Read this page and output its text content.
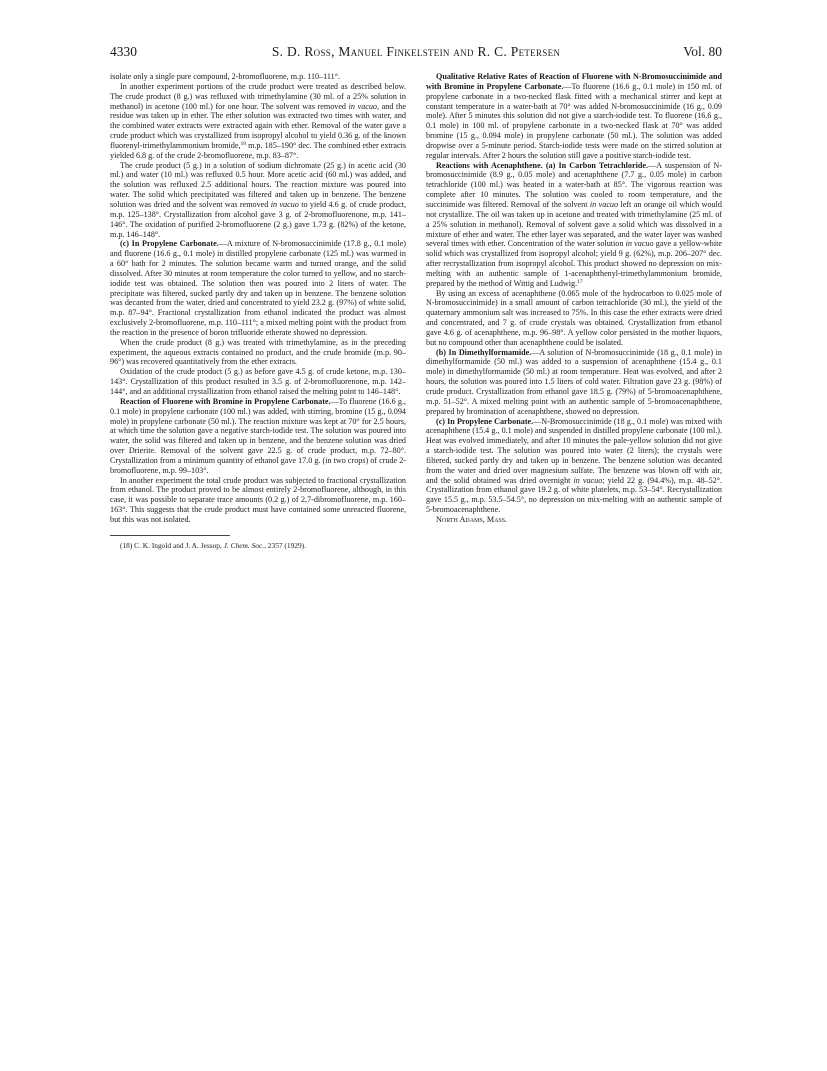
4330	S. D. Ross, Manuel Finkelstein and R. C. Petersen	Vol. 80

isolate only a single pure compound, 2-bromofluorene, m.p. 110–111°.

In another experiment portions of the crude product were treated as described below. The crude product (8 g.) was refluxed with trimethylamine (30 ml. of a 25% solution in methanol) in acetone (100 ml.) for one hour. The solvent was removed in vacuo, and the residue was taken up in ether. The ether solution was extracted two times with water, and the combined water extracts were extracted again with ether. Removal of the water gave a crude product which was crystallized from isopropyl alcohol to yield 0.36 g. of the known fluorenyl-trimethylammonium bromide,$^{18}$ m.p. 185–190° dec. The combined ether extracts yielded 6.8 g. of the crude 2-bromofluorene, m.p. 83–87°.

The crude product (5 g.) in a solution of sodium dichromate (25 g.) in acetic acid (30 ml.) and water (10 ml.) was refluxed 0.5 hour. More acetic acid (60 ml.) was added, and the solution was refluxed 2.5 additional hours. The reaction mixture was poured into water. The solid which precipitated was filtered and taken up in benzene. The benzene solution was dried and the solvent was removed in vacuo to yield 4.6 g. of crude product, m.p. 125–138°. Crystallization from alcohol gave 3 g. of 2-bromofluorenone, m.p. 141–146°. The oxidation of purified 2-bromofluorene (2 g.) gave 1.73 g. (82%) of the ketone, m.p. 146–148°.

(c) In Propylene Carbonate.—A mixture of N-bromosuccinimide (17.8 g., 0.1 mole) and fluorene (16.6 g., 0.1 mole) in distilled propylene carbonate (125 ml.) was warmed in a 60° bath for 2 minutes. The solution became warm and turned orange, and the solid dissolved. After 30 minutes at room temperature the color turned to yellow, and no starch-iodide test was obtained. The solution then was poured into 2 liters of water. The precipitate was filtered, sucked partly dry and taken up in benzene. The benzene solution was decanted from the water, dried and concentrated to yield 23.2 g. (97%) of white solid, m.p. 87–94°. Fractional crystallization from ethanol indicated the product was almost exclusively 2-bromofluorene, m.p. 110–111°; a mixed melting point with the product from the reaction in the presence of boron trifluoride etherate showed no depression.

When the crude product (8 g.) was treated with trimethylamine, as in the preceding experiment, the aqueous extracts contained no product, and the crude bromide (m.p. 90–96°) was recovered quantitatively from the ether extracts.

Oxidation of the crude product (5 g.) as before gave 4.5 g. of crude ketone, m.p. 130–143°. Crystallization of this product resulted in 3.5 g. of 2-bromofluorenone, m.p. 142–144°, and an additional crystallization from ethanol raised the melting point to 146–148°.

Reaction of Fluorene with Bromine in Propylene Carbonate.—To fluorene (16.6 g., 0.1 mole) in propylene carbonate (100 ml.) was added, with stirring, bromine (15 g., 0.094 mole) in propylene carbonate (50 ml.). The reaction mixture was kept at 70° for 2.5 hours, at which time the solution gave a negative starch-iodide test. The solution was poured into water, the solid was filtered and taken up in benzene, and the benzene solution was dried over Drierite. Removal of the solvent gave 22.5 g. of crude product, m.p. 72–80°. Crystallization from a minimum quantity of ethanol gave 17.0 g. (in two crops) of crude 2-bromofluorene, m.p. 99–103°.

In another experiment the total crude product was subjected to fractional crystallization from ethanol. The product proved to be almost entirely 2-bromofluorene, although, in this case, it was possible to separate trace amounts (0.2 g.) of 2,7-dibromofluorene, m.p. 160–163°. This suggests that the crude product must have contained some unreacted fluorene, but this was not isolated.

(18) C. K. Ingold and J. A. Jessop, J. Chem. Soc., 2357 (1929).

Qualitative Relative Rates of Reaction of Fluorene with N-Bromosuccinimide and with Bromine in Propylene Carbonate.—To fluorene (16.6 g., 0.1 mole) in 150 ml. of propylene carbonate in a two-necked flask fitted with a mechanical stirrer and kept at constant temperature in a water-bath at 70° was added N-bromosuccinimide (16 g., 0.09 mole). After 5 minutes this solution did not give a starch-iodide test. To fluorene (16.6 g., 0.1 mole) in 100 ml. of propylene carbonate in a two-necked flask at 70° was added bromine (15 g., 0.094 mole) in propylene carbonate (50 ml.). The solution was added dropwise over a 5-minute period. Starch-iodide tests were made on the stirred solution at regular intervals. After 2 hours the solution still gave a positive starch-iodide test.

Reactions with Acenaphthene. (a) In Carbon Tetrachloride.—A suspension of N-bromosuccinimide (8.9 g., 0.05 mole) and acenaphthene (7.7 g., 0.05 mole) in carbon tetrachloride (100 ml.) was heated in a water-bath at 85°. The vigorous reaction was complete after 10 minutes. The solution was cooled to room temperature, and the succinimide was filtered. Removal of the solvent in vacuo left an orange oil which would not crystallize. The oil was taken up in acetone and treated with trimethylamine (25 ml. of a 25% solution in methanol). Removal of solvent gave a solid which was dissolved in a mixture of ether and water. The ether layer was separated, and the water layer was washed several times with ether. Concentration of the water solution in vacuo gave a yellow-white solid which was crystallized from isopropyl alcohol; yield 9 g. (62%), m.p. 206–207° dec. after recrystallization from isopropyl alcohol. This product showed no depression on mix-melting with an authentic sample of 1-acenaphthenyl-trimethylammonium bromide, prepared by the method of Wittig and Ludwig.$^{17}$

By using an excess of acenaphthene (0.065 mole of the hydrocarbon to 0.025 mole of N-bromosuccinimide) in a small amount of carbon tetrachloride (30 ml.), the yield of the quaternary ammonium salt was increased to 75%. In this case the ether extracts were dried and concentrated, and 7 g. of crude crystals was obtained. Crystallization from ethanol gave 4.6 g. of acenaphthene, m.p. 96–98°. A yellow color persisted in the mother liquors, but no compound other than acenaphthene could be isolated.

(b) In Dimethylformamide.—A solution of N-bromosuccinimide (18 g., 0.1 mole) in dimethylformamide (50 ml.) was added to a suspension of acenaphthene (15.4 g., 0.1 mole) in dimethylformamide (50 ml.) at room temperature. Heat was evolved, and after 2 hours, the solution was poured into 1.5 liters of cold water. Filtration gave 23 g. (98%) of crude product. Crystallization from ethanol gave 18.5 g. (79%) of 5-bromoacenaphthene, m.p. 51–52°. A mixed melting point with an authentic sample of 5-bromoacenaphthene, prepared by bromination of acenaphthene, showed no depression.

(c) In Propylene Carbonate.—N-Bromosuccinimide (18 g., 0.1 mole) was mixed with acenaphthene (15.4 g., 0.1 mole) and suspended in distilled propylene carbonate (100 ml.). Heat was evolved immediately, and after 10 minutes the pale-yellow solution did not give a starch-iodide test. The solution was poured into water (2 liters); the crystals were filtered, sucked partly dry and taken up in benzene. The benzene solution was decanted from the water and dried over magnesium sulfate. The benzene was blown off with air, and the solid obtained was dried overnight in vacuo; yield 22 g. (94.4%), m.p. 48–52°. Crystallization from ethanol gave 19.2 g. of white platelets, m.p. 53–54°. Recrystallization gave 15.5 g., m.p. 53.5–54.5°, no depression on mix-melting with an authentic sample of 5-bromoacenaphthene.

North Adams, Mass.
